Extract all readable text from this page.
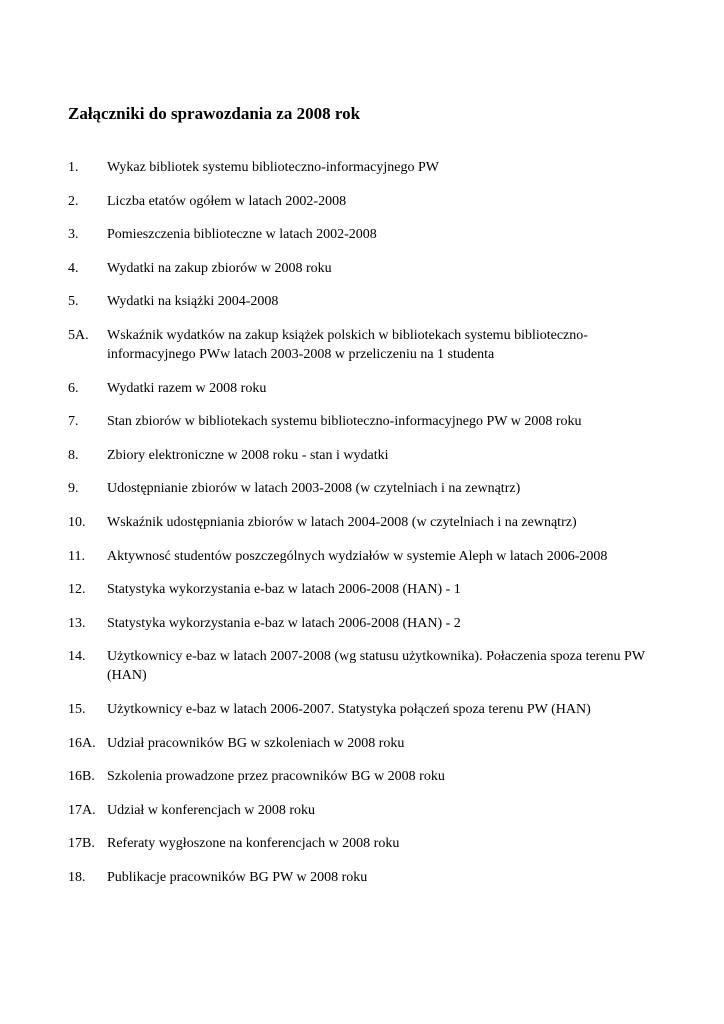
Załączniki do sprawozdania za 2008 rok
1.	Wykaz bibliotek systemu biblioteczno-informacyjnego PW
2.	Liczba etatów ogółem w latach 2002-2008
3.	Pomieszczenia biblioteczne w latach 2002-2008
4.	Wydatki na zakup zbiorów w 2008 roku
5.	Wydatki na książki 2004-2008
5A.	Wskaźnik wydatków na zakup książek polskich w bibliotekach systemu biblioteczno-informacyjnego PWw latach 2003-2008 w przeliczeniu na 1 studenta
6.	Wydatki razem w 2008 roku
7.	Stan zbiorów w bibliotekach systemu biblioteczno-informacyjnego PW w 2008 roku
8.	Zbiory elektroniczne w 2008 roku - stan i wydatki
9.	Udostępnianie zbiorów w latach 2003-2008 (w czytelniach i na zewnątrz)
10.	Wskaźnik udostępniania zbiorów w latach 2004-2008 (w czytelniach i na zewnątrz)
11.	Aktywnosć studentów poszczególnych wydziałów w systemie Aleph w latach 2006-2008
12.	Statystyka wykorzystania e-baz w latach 2006-2008 (HAN) - 1
13.	Statystyka wykorzystania e-baz w latach 2006-2008 (HAN) - 2
14.	Użytkownicy e-baz w latach 2007-2008 (wg statusu użytkownika). Połaczenia spoza terenu PW (HAN)
15.	Użytkownicy e-baz w latach 2006-2007. Statystyka połączeń spoza terenu PW (HAN)
16A. Udział pracowników BG w szkoleniach w 2008 roku
16B. Szkolenia prowadzone przez pracowników BG w 2008 roku
17A. Udział w konferencjach w 2008 roku
17B. Referaty wygłoszone na konferencjach w 2008 roku
18.	Publikacje pracowników BG PW w 2008 roku
